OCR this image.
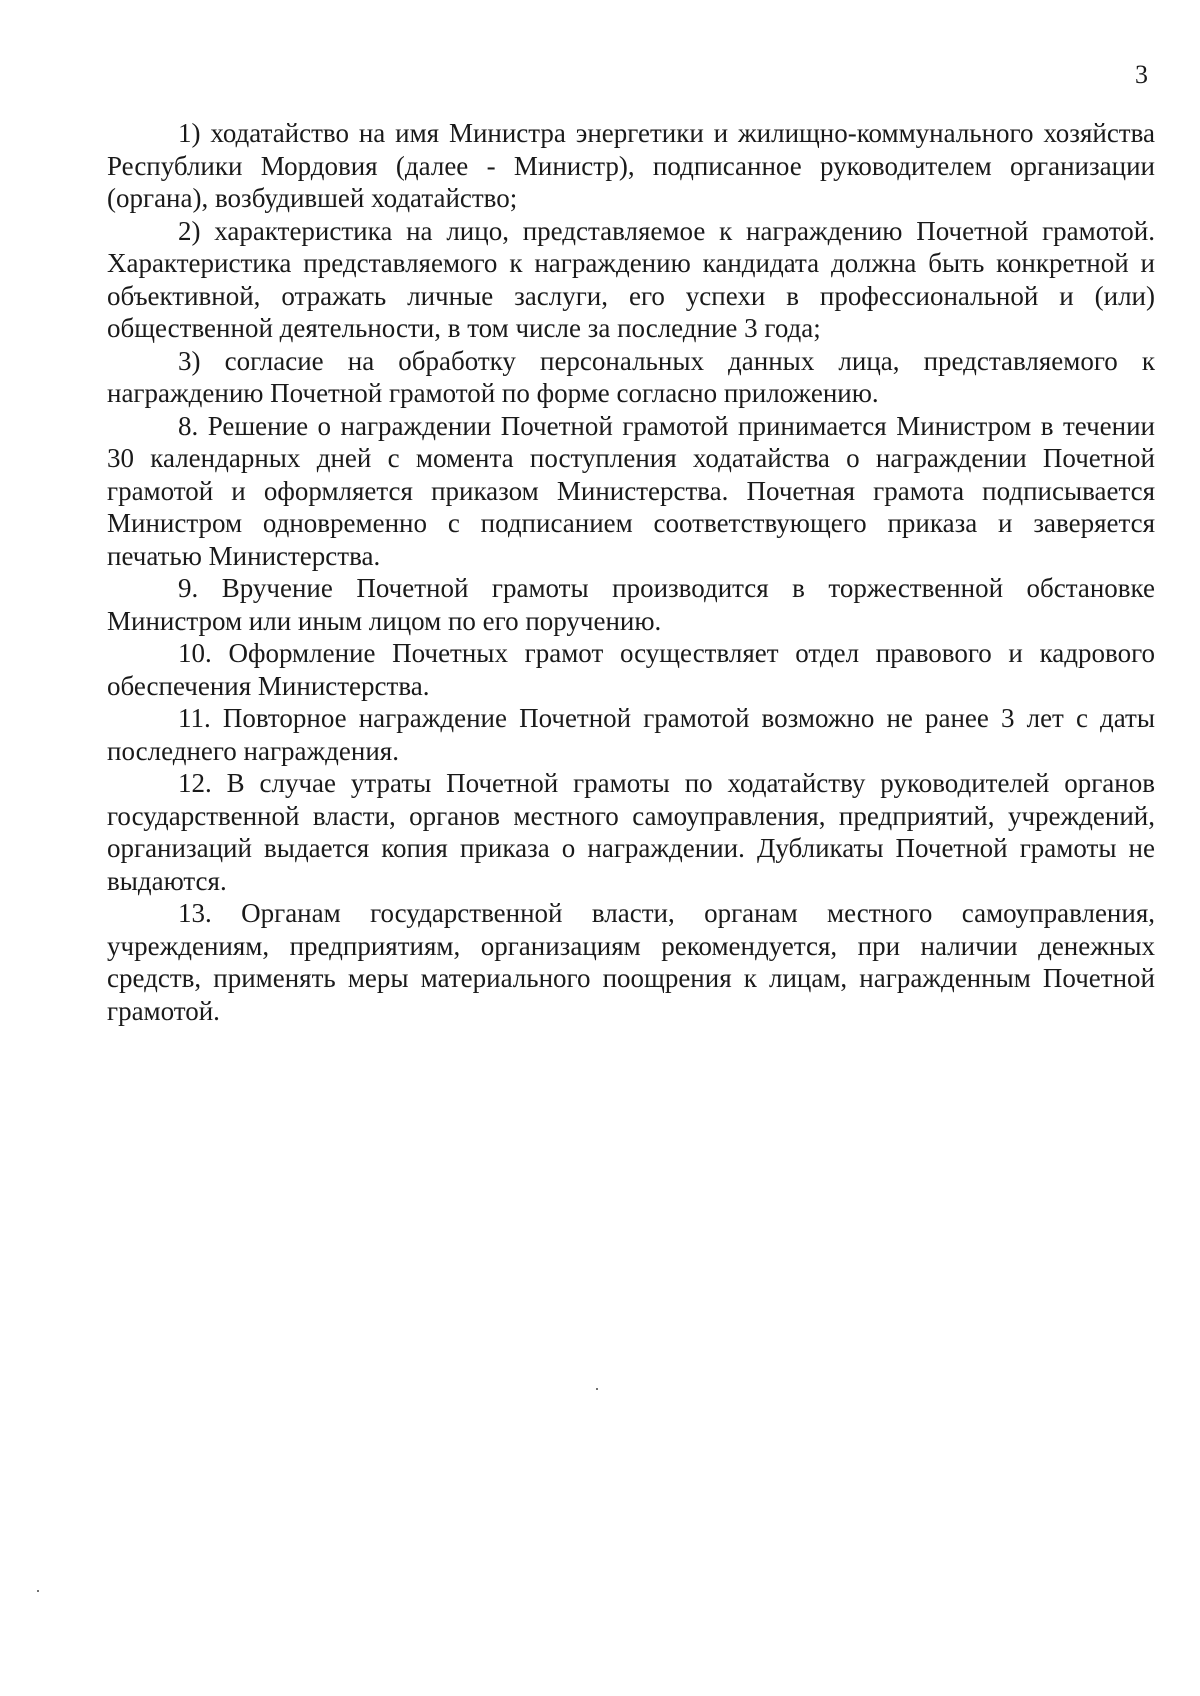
3

1) ходатайство на имя Министра энергетики и жилищно-коммунального хозяйства Республики Мордовия (далее - Министр), подписанное руководителем организации (органа), возбудившей ходатайство;

2) характеристика на лицо, представляемое к награждению Почетной грамотой. Характеристика представляемого к награждению кандидата должна быть конкретной и объективной, отражать личные заслуги, его успехи в профессиональной и (или) общественной деятельности, в том числе за последние 3 года;

3) согласие на обработку персональных данных лица, представляемого к награждению Почетной грамотой по форме согласно приложению.

8. Решение о награждении Почетной грамотой принимается Министром в течении 30 календарных дней с момента поступления ходатайства о награждении Почетной грамотой и оформляется приказом Министерства. Почетная грамота подписывается Министром одновременно с подписанием соответствующего приказа и заверяется печатью Министерства.

9. Вручение Почетной грамоты производится в торжественной обстановке Министром или иным лицом по его поручению.

10. Оформление Почетных грамот осуществляет отдел правового и кадрового обеспечения Министерства.

11. Повторное награждение Почетной грамотой возможно не ранее 3 лет с даты последнего награждения.

12. В случае утраты Почетной грамоты по ходатайству руководителей органов государственной власти, органов местного самоуправления, предприятий, учреждений, организаций выдается копия приказа о награждении. Дубликаты Почетной грамоты не выдаются.

13. Органам государственной власти, органам местного самоуправления, учреждениям, предприятиям, организациям рекомендуется, при наличии денежных средств, применять меры материального поощрения к лицам, награжденным Почетной грамотой.
